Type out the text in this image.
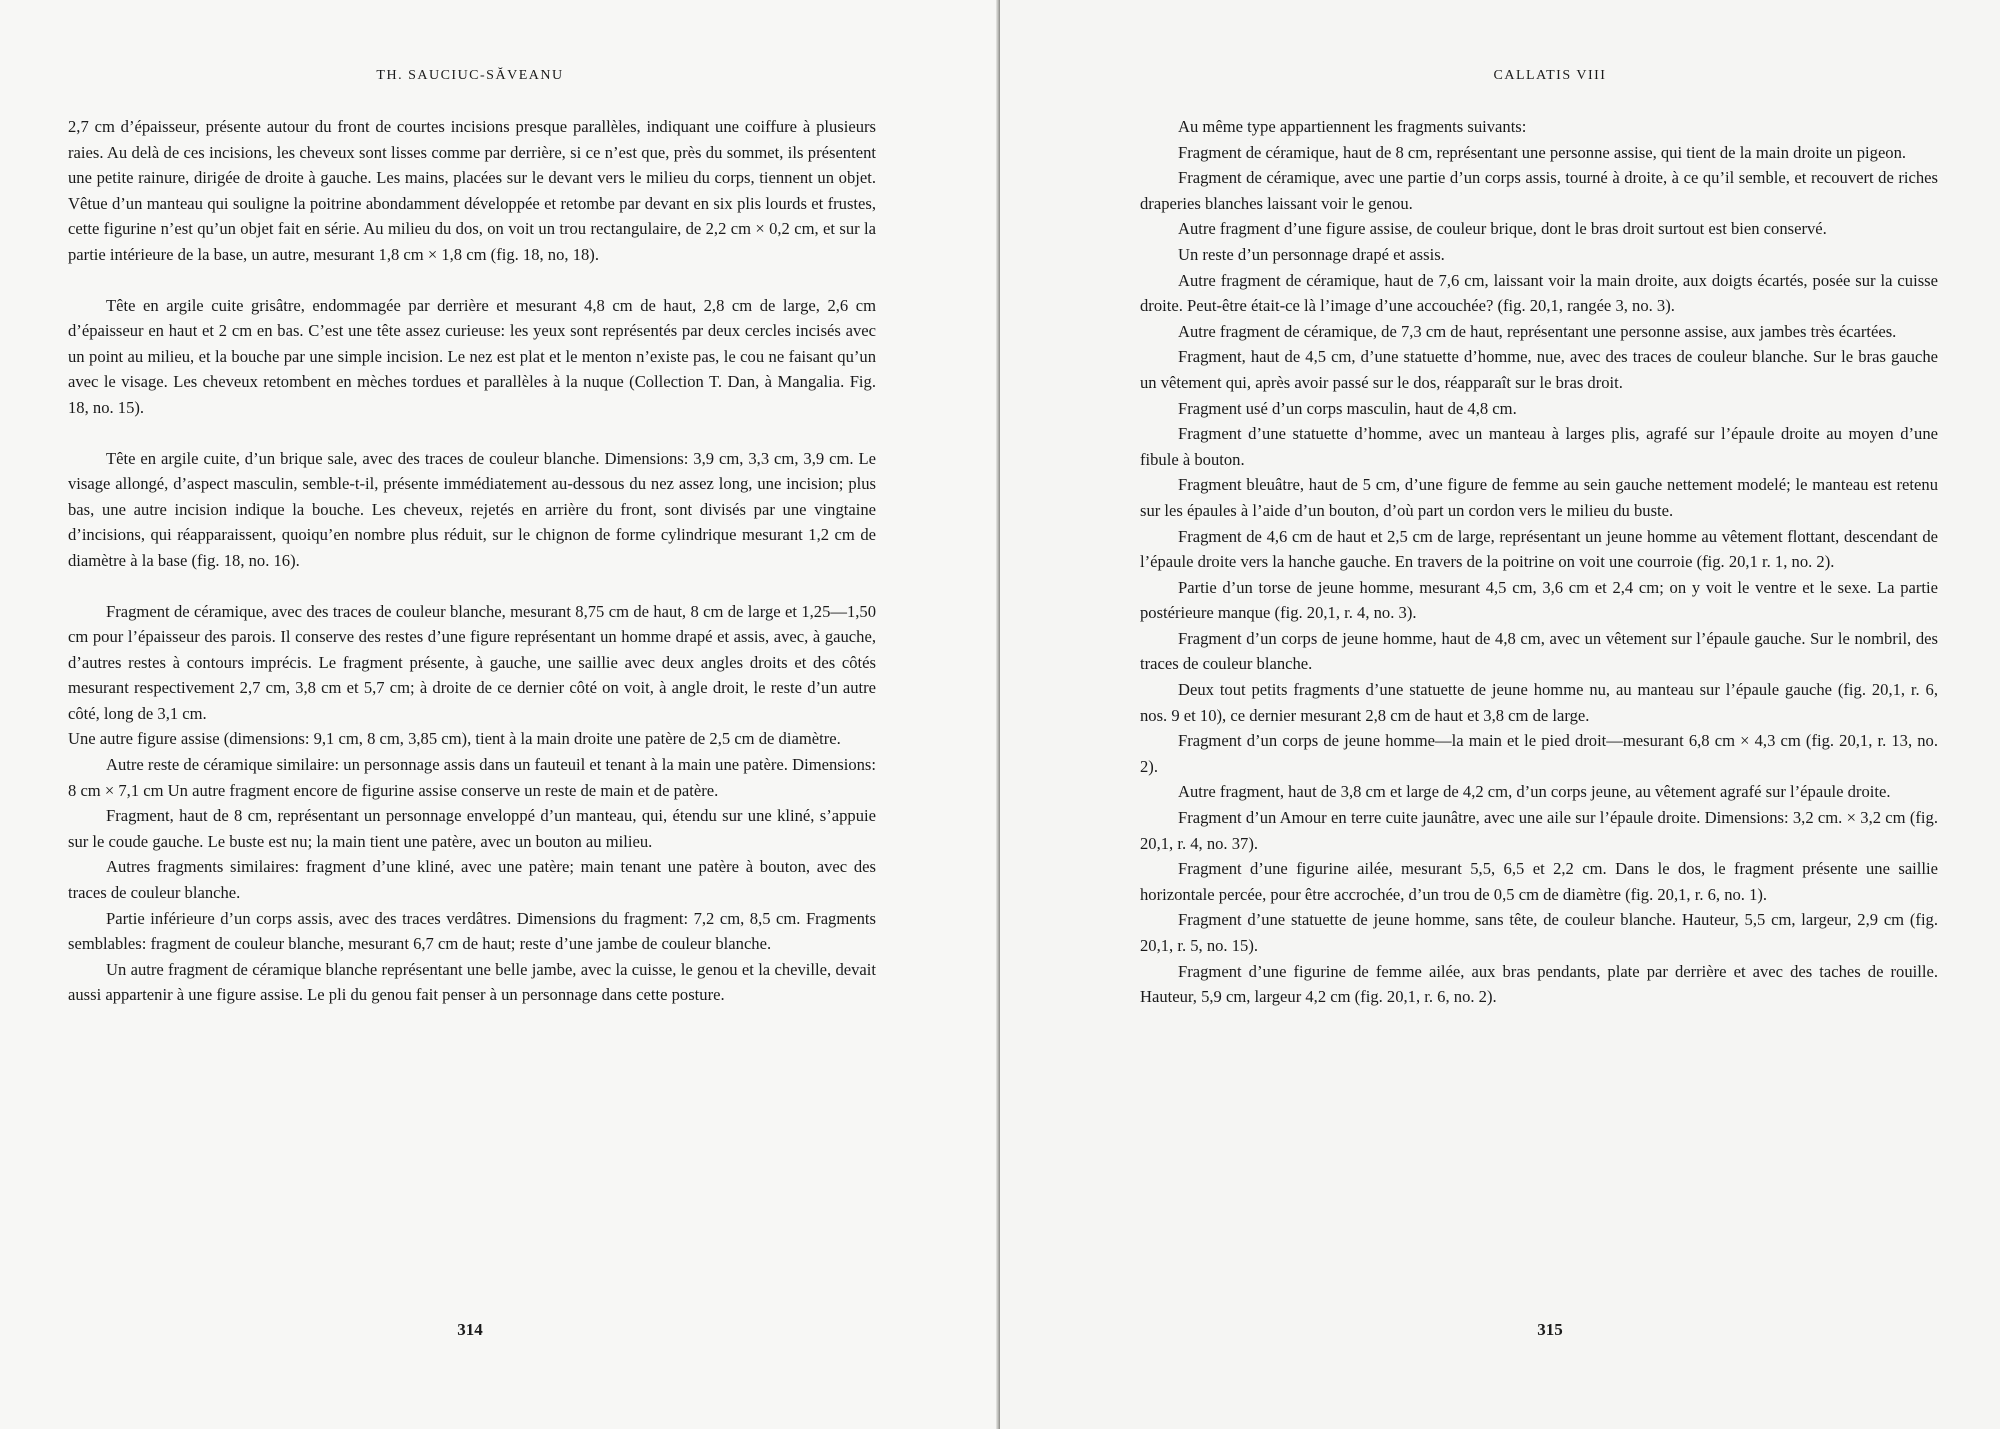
TH. SAUCIUC-SĂVEANU

2,7 cm d’épaisseur, présente autour du front de courtes incisions presque parallèles, indiquant une coiffure à plusieurs raies. Au delà de ces incisions, les cheveux sont lisses comme par derrière, si ce n’est que, près du sommet, ils présentent une petite rainure, dirigée de droite à gauche. Les mains, placées sur le devant vers le milieu du corps, tiennent un objet. Vêtue d’un manteau qui souligne la poitrine abondamment développée et retombe par devant en six plis lourds et frustes, cette figurine n’est qu’un objet fait en série. Au milieu du dos, on voit un trou rectangulaire, de 2,2 cm × 0,2 cm, et sur la partie intérieure de la base, un autre, mesurant 1,8 cm × 1,8 cm (fig. 18, no, 18).

Tête en argile cuite grisâtre, endommagée par derrière et mesurant 4,8 cm de haut, 2,8 cm de large, 2,6 cm d’épaisseur en haut et 2 cm en bas. C’est une tête assez curieuse: les yeux sont représentés par deux cercles incisés avec un point au milieu, et la bouche par une simple incision. Le nez est plat et le menton n’existe pas, le cou ne faisant qu’un avec le visage. Les cheveux retombent en mèches tordues et parallèles à la nuque (Collection T. Dan, à Mangalia. Fig. 18, no. 15).

Tête en argile cuite, d’un brique sale, avec des traces de couleur blanche. Dimensions: 3,9 cm, 3,3 cm, 3,9 cm. Le visage allongé, d’aspect masculin, semble-t-il, présente immédiatement au-dessous du nez assez long, une incision; plus bas, une autre incision indique la bouche. Les cheveux, rejetés en arrière du front, sont divisés par une vingtaine d’incisions, qui réapparaissent, quoiqu’en nombre plus réduit, sur le chignon de forme cylindrique mesurant 1,2 cm de diamètre à la base (fig. 18, no. 16).

Fragment de céramique, avec des traces de couleur blanche, mesurant 8,75 cm de haut, 8 cm de large et 1,25—1,50 cm pour l’épaisseur des parois. Il conserve des restes d’une figure représentant un homme drapé et assis, avec, à gauche, d’autres restes à contours imprécis. Le fragment présente, à gauche, une saillie avec deux angles droits et des côtés mesurant respectivement 2,7 cm, 3,8 cm et 5,7 cm; à droite de ce dernier côté on voit, à angle droit, le reste d’un autre côté, long de 3,1 cm.

Une autre figure assise (dimensions: 9,1 cm, 8 cm, 3,85 cm), tient à la main droite une patère de 2,5 cm de diamètre.

Autre reste de céramique similaire: un personnage assis dans un fauteuil et tenant à la main une patère. Dimensions: 8 cm × 7,1 cm Un autre fragment encore de figurine assise conserve un reste de main et de patère.

Fragment, haut de 8 cm, représentant un personnage enveloppé d’un manteau, qui, étendu sur une kliné, s’appuie sur le coude gauche. Le buste est nu; la main tient une patère, avec un bouton au milieu.

Autres fragments similaires: fragment d’une kliné, avec une patère; main tenant une patère à bouton, avec des traces de couleur blanche.

Partie inférieure d’un corps assis, avec des traces verdâtres. Dimensions du fragment: 7,2 cm, 8,5 cm. Fragments semblables: fragment de couleur blanche, mesurant 6,7 cm de haut; reste d’une jambe de couleur blanche.

Un autre fragment de céramique blanche représentant une belle jambe, avec la cuisse, le genou et la cheville, devait aussi appartenir à une figure assise. Le pli du genou fait penser à un personnage dans cette posture.

314
CALLATIS VIII

Au même type appartiennent les fragments suivants:

Fragment de céramique, haut de 8 cm, représentant une personne assise, qui tient de la main droite un pigeon.

Fragment de céramique, avec une partie d’un corps assis, tourné à droite, à ce qu’il semble, et recouvert de riches draperies blanches laissant voir le genou.

Autre fragment d’une figure assise, de couleur brique, dont le bras droit surtout est bien conservé.

Un reste d’un personnage drapé et assis.

Autre fragment de céramique, haut de 7,6 cm, laissant voir la main droite, aux doigts écartés, posée sur la cuisse droite. Peut-être était-ce là l’image d’une accouchée? (fig. 20,1, rangée 3, no. 3).

Autre fragment de céramique, de 7,3 cm de haut, représentant une personne assise, aux jambes très écartées.

Fragment, haut de 4,5 cm, d’une statuette d’homme, nue, avec des traces de couleur blanche. Sur le bras gauche un vêtement qui, après avoir passé sur le dos, réapparaît sur le bras droit.

Fragment usé d’un corps masculin, haut de 4,8 cm.

Fragment d’une statuette d’homme, avec un manteau à larges plis, agrafé sur l’épaule droite au moyen d’une fibule à bouton.

Fragment bleuâtre, haut de 5 cm, d’une figure de femme au sein gauche nettement modelé; le manteau est retenu sur les épaules à l’aide d’un bouton, d’où part un cordon vers le milieu du buste.

Fragment de 4,6 cm de haut et 2,5 cm de large, représentant un jeune homme au vêtement flottant, descendant de l’épaule droite vers la hanche gauche. En travers de la poitrine on voit une courroie (fig. 20,1 r. 1, no. 2).

Partie d’un torse de jeune homme, mesurant 4,5 cm, 3,6 cm et 2,4 cm; on y voit le ventre et le sexe. La partie postérieure manque (fig. 20,1, r. 4, no. 3).

Fragment d’un corps de jeune homme, haut de 4,8 cm, avec un vêtement sur l’épaule gauche. Sur le nombril, des traces de couleur blanche.

Deux tout petits fragments d’une statuette de jeune homme nu, au manteau sur l’épaule gauche (fig. 20,1, r. 6, nos. 9 et 10), ce dernier mesurant 2,8 cm de haut et 3,8 cm de large.

Fragment d’un corps de jeune homme—la main et le pied droit—mesurant 6,8 cm × 4,3 cm (fig. 20,1, r. 13, no. 2).

Autre fragment, haut de 3,8 cm et large de 4,2 cm, d’un corps jeune, au vêtement agrafé sur l’épaule droite.

Fragment d’un Amour en terre cuite jaunâtre, avec une aile sur l’épaule droite. Dimensions: 3,2 cm. × 3,2 cm (fig. 20,1, r. 4, no. 37).

Fragment d’une figurine ailée, mesurant 5,5, 6,5 et 2,2 cm. Dans le dos, le fragment présente une saillie horizontale percée, pour être accrochée, d’un trou de 0,5 cm de diamètre (fig. 20,1, r. 6, no. 1).

Fragment d’une statuette de jeune homme, sans tête, de couleur blanche. Hauteur, 5,5 cm, largeur, 2,9 cm (fig. 20,1, r. 5, no. 15).

Fragment d’une figurine de femme ailée, aux bras pendants, plate par derrière et avec des taches de rouille. Hauteur, 5,9 cm, largeur 4,2 cm (fig. 20,1, r. 6, no. 2).

315
